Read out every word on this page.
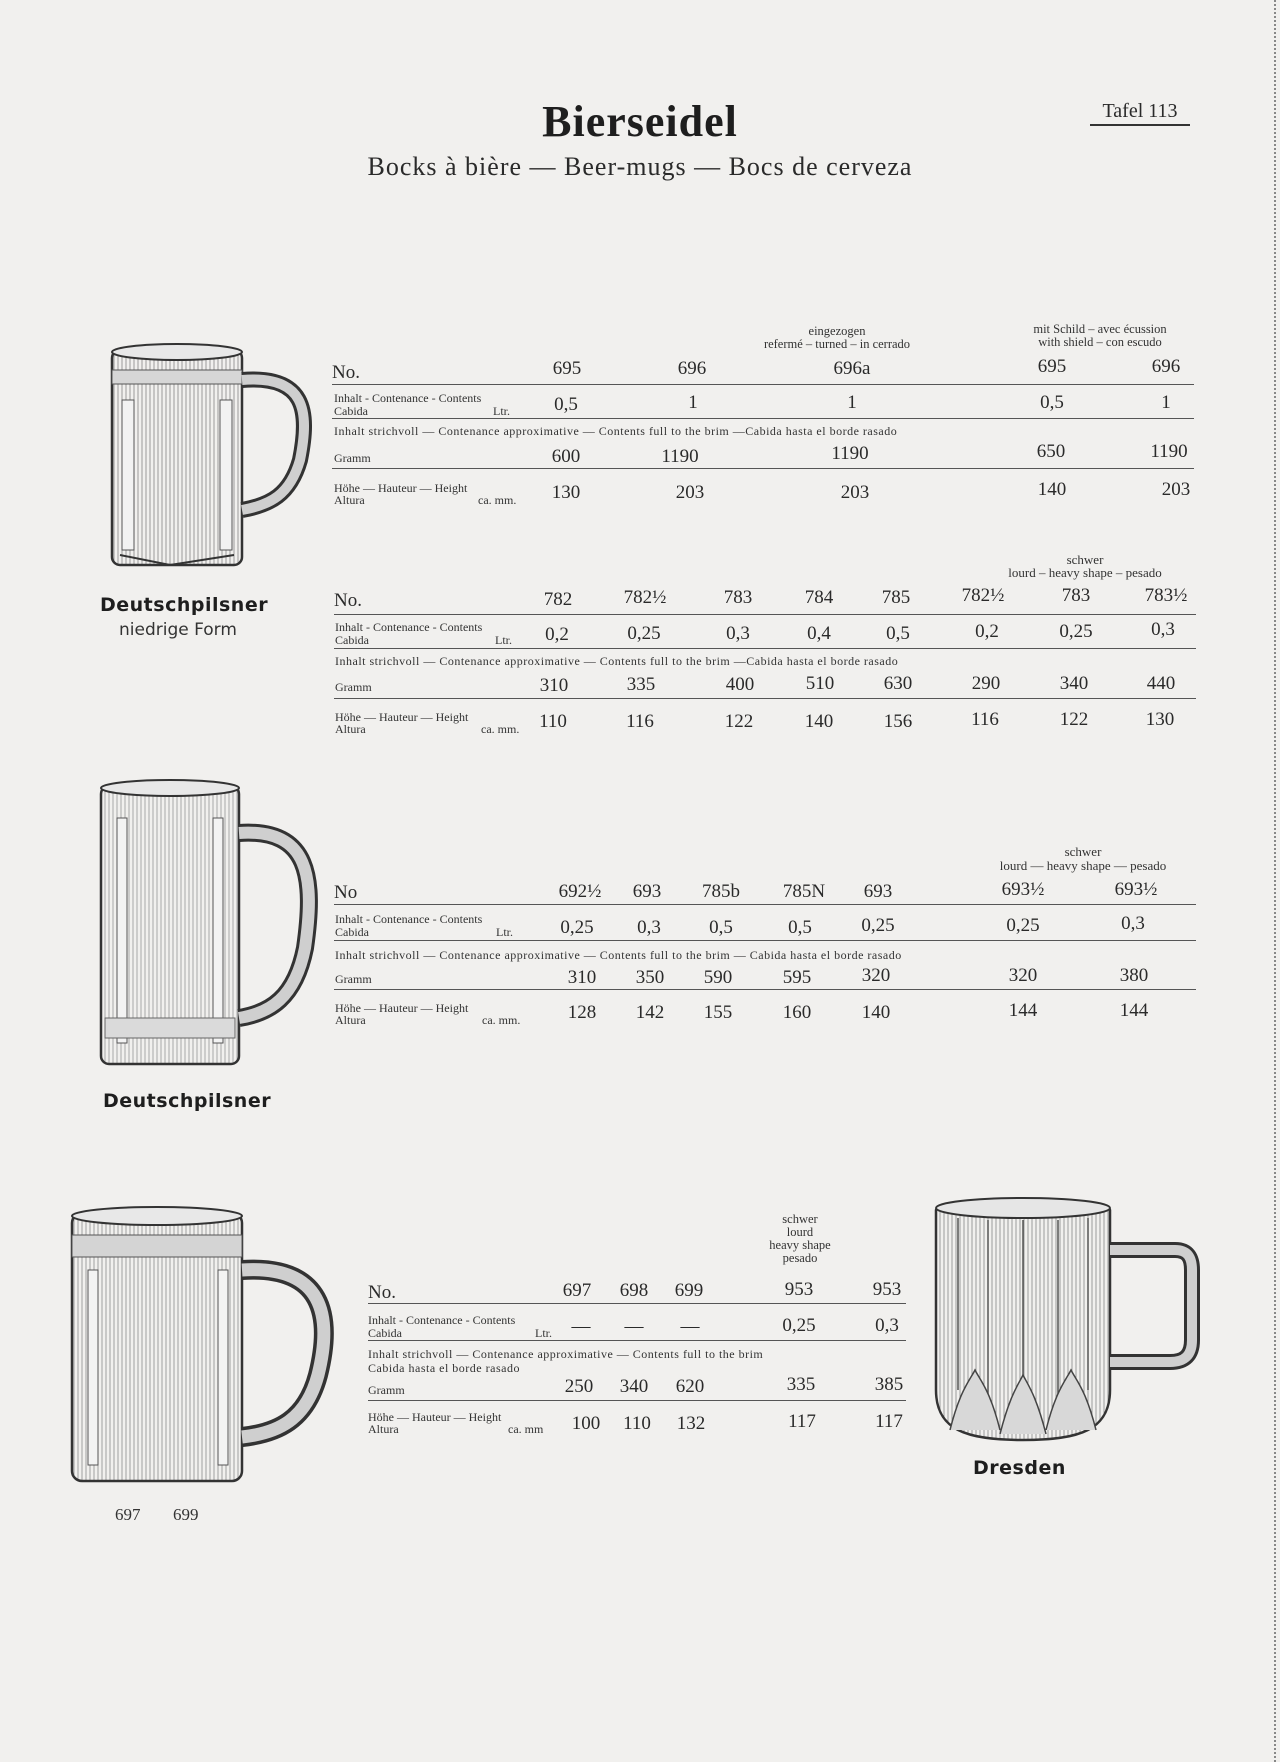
Bierseidel
Bocks à bière — Beer-mugs — Bocs de cerveza
Tafel 113
Deutschpilsner
niedrige Form
eingezogen
refermé – turned – in cerrado
mit Schild – avec écussion
with shield – con escudo
No.	695	696	696a	695	696
Inhalt - Contenance - Contents
Cabida	Ltr.	0,5	1	1	0,5	1
Inhalt strichvoll — Contenance approximative — Contents full to the brim —Cabida hasta el borde rasado
Gramm	600	1190	1190	650	1190
Höhe — Hauteur — Height
Altura	ca. mm.	130	203	203	140	203
schwer
lourd – heavy shape – pesado
No.	782	782½	783	784	785	782½	783	783½
Inhalt - Contenance - Contents
Cabida	Ltr.	0,2	0,25	0,3	0,4	0,5	0,2	0,25	0,3
Inhalt strichvoll — Contenance approximative — Contents full to the brim —Cabida hasta el borde rasado
Gramm	310	335	400	510	630	290	340	440
Höhe — Hauteur — Height
Altura	ca. mm.	110	116	122	140	156	116	122	130
Deutschpilsner
schwer
lourd — heavy shape — pesado
No	692½	693	785b	785N	693	693½	693½
Inhalt - Contenance - Contents
Cabida	Ltr.	0,25	0,3	0,5	0,5	0,25	0,25	0,3
Inhalt strichvoll — Contenance approximative — Contents full to the brim — Cabida hasta el borde rasado
Gramm	310	350	590	595	320	320	380
Höhe — Hauteur — Height
Altura	ca. mm.	128	142	155	160	140	144	144
697 699
schwer
lourd
heavy shape
pesado
No.	697	698	699	953	953
Inhalt - Contenance - Contents
Cabida	Ltr.	—	—	—	0,25	0,3
Inhalt strichvoll — Contenance approximative — Contents full to the brim
Cabida hasta el borde rasado
Gramm	250	340	620	335	385
Höhe — Hauteur — Height
Altura	ca. mm	100	110	132	117	117
Dresden
